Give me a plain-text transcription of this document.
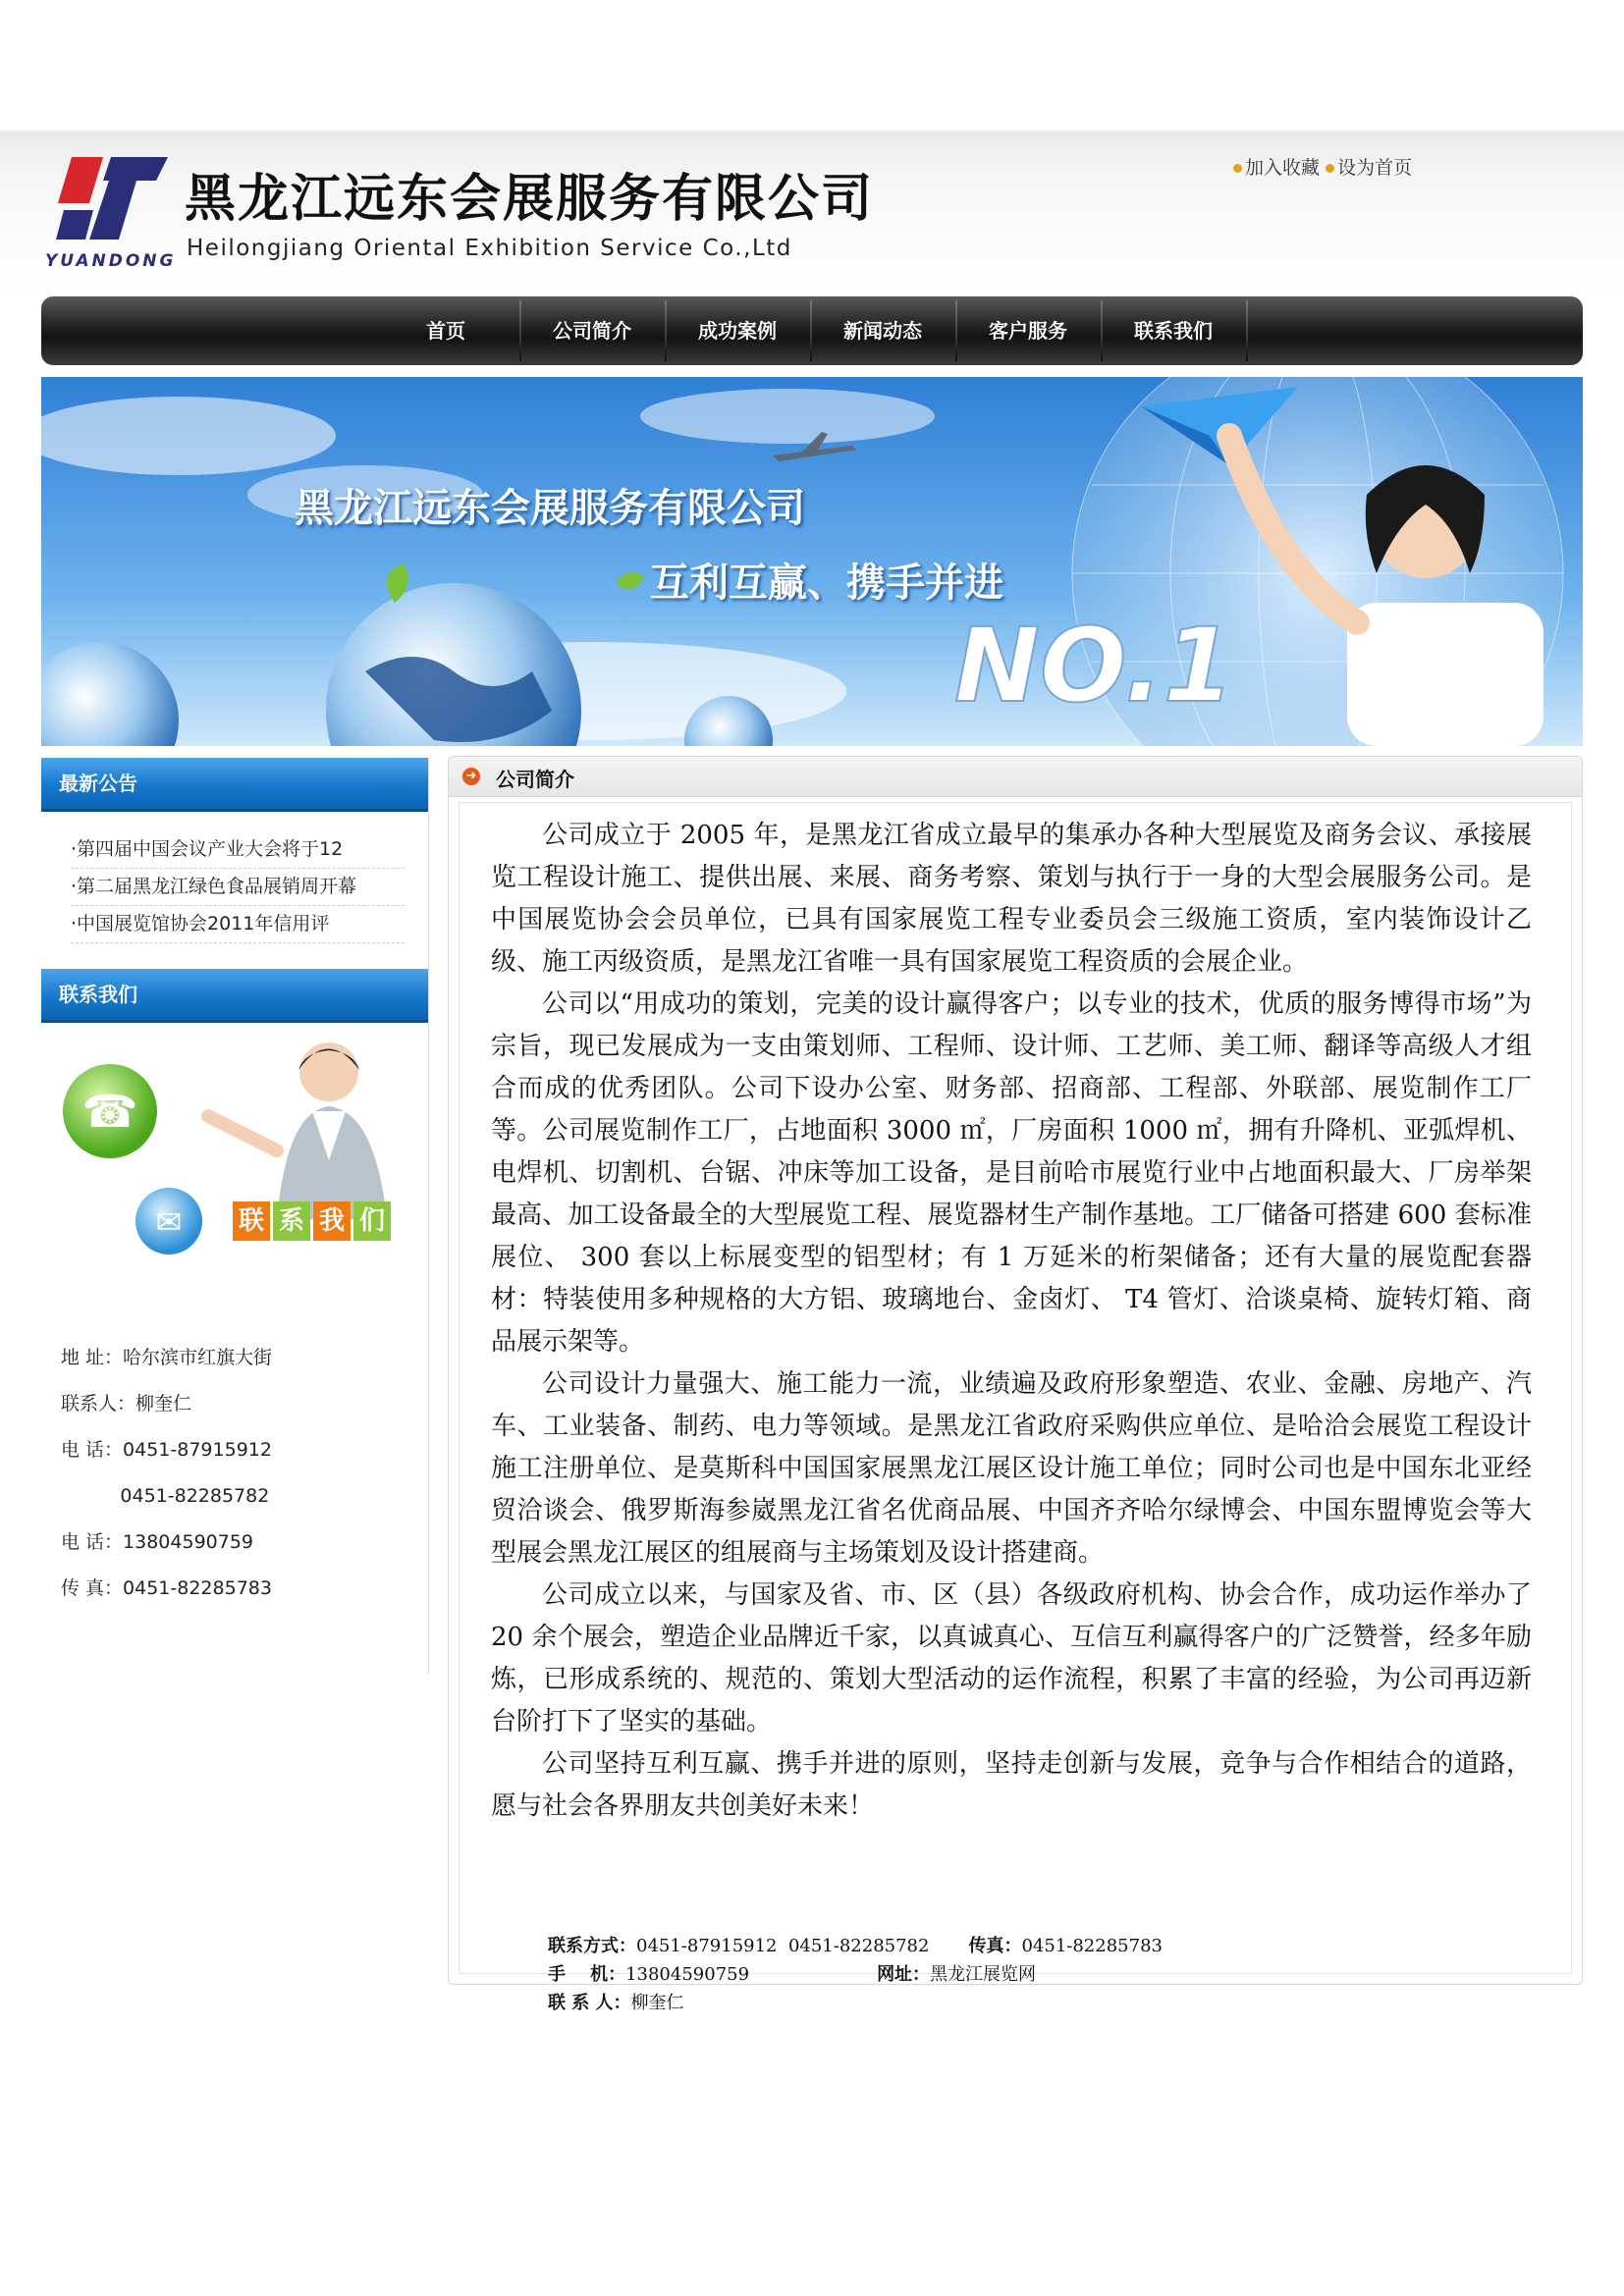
YUANDONG
黑龙江远东会展服务有限公司
Heilongjiang Oriental Exhibition Service Co.,Ltd
加入收藏 设为首页
首页	公司简介	成功案例	新闻动态	客户服务	联系我们
NO.1
黑龙江远东会展服务有限公司
互利互赢、携手并进
最新公告
·第四届中国会议产业大会将于12
·第二届黑龙江绿色食品展销周开幕
·中国展览馆协会2011年信用评
联系我们
☎
✉ 联 系 我 们
地 址：哈尔滨市红旗大街
联系人：柳奎仁
电 话：0451-87915912
0451-82285782
电 话：13804590759
传 真：0451-82285783
➜ 公司简介

公司成立于 2005 年，是黑龙江省成立最早的集承办各种大型展览及商务会议、承接展览工程设计施工、提供出展、来展、商务考察、策划与执行于一身的大型会展服务公司。是中国展览协会会员单位，已具有国家展览工程专业委员会三级施工资质，室内装饰设计乙级、施工丙级资质，是黑龙江省唯一具有国家展览工程资质的会展企业。

公司以“用成功的策划，完美的设计赢得客户；以专业的技术，优质的服务博得市场”为宗旨，现已发展成为一支由策划师、工程师、设计师、工艺师、美工师、翻译等高级人才组合而成的优秀团队。公司下设办公室、财务部、招商部、工程部、外联部、展览制作工厂等。公司展览制作工厂，占地面积 3000 ㎡，厂房面积 1000 ㎡，拥有升降机、亚弧焊机、电焊机、切割机、台锯、冲床等加工设备，是目前哈市展览行业中占地面积最大、厂房举架最高、加工设备最全的大型展览工程、展览器材生产制作基地。工厂储备可搭建 600 套标准展位、 300 套以上标展变型的铝型材；有 1 万延米的桁架储备；还有大量的展览配套器材：特装使用多种规格的大方铝、玻璃地台、金卤灯、 T4 管灯、洽谈桌椅、旋转灯箱、商品展示架等。

公司设计力量强大、施工能力一流，业绩遍及政府形象塑造、农业、金融、房地产、汽车、工业装备、制药、电力等领域。是黑龙江省政府采购供应单位、是哈洽会展览工程设计施工注册单位、是莫斯科中国国家展黑龙江展区设计施工单位；同时公司也是中国东北亚经贸洽谈会、俄罗斯海参崴黑龙江省名优商品展、中国齐齐哈尔绿博会、中国东盟博览会等大型展会黑龙江展区的组展商与主场策划及设计搭建商。

公司成立以来，与国家及省、市、区（县）各级政府机构、协会合作，成功运作举办了 20 余个展会，塑造企业品牌近千家，以真诚真心、互信互利赢得客户的广泛赞誉，经多年励炼，已形成系统的、规范的、策划大型活动的运作流程，积累了丰富的经验，为公司再迈新台阶打下了坚实的基础。

公司坚持互利互赢、携手并进的原则，坚持走创新与发展，竞争与合作相结合的道路，愿与社会各界朋友共创美好未来！

联系方式：0451-87915912  0451-82285782 传真：0451-82285783
手    机：13804590759	网址：黑龙江展览网
联 系 人：柳奎仁
